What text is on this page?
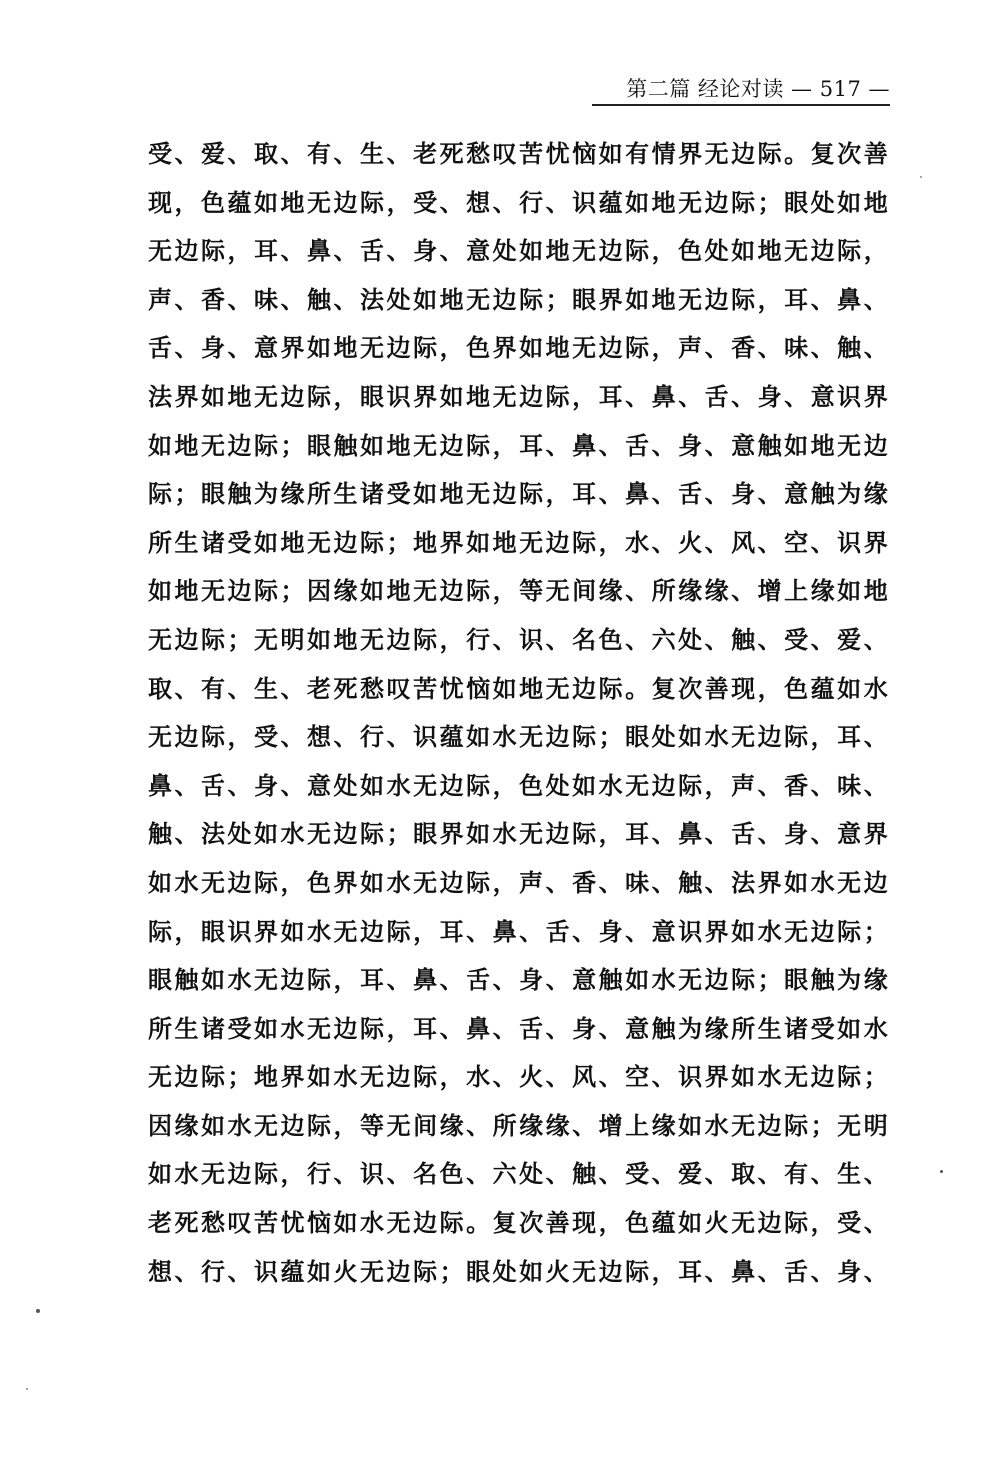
第二篇 经论对读 — 517 —
受、爱、取、有、生、老死愁叹苦忧恼如有情界无边际。复次善
现，色蕴如地无边际，受、想、行、识蕴如地无边际；眼处如地
无边际，耳、鼻、舌、身、意处如地无边际，色处如地无边际，
声、香、味、触、法处如地无边际；眼界如地无边际，耳、鼻、
舌、身、意界如地无边际，色界如地无边际，声、香、味、触、
法界如地无边际，眼识界如地无边际，耳、鼻、舌、身、意识界
如地无边际；眼触如地无边际，耳、鼻、舌、身、意触如地无边
际；眼触为缘所生诸受如地无边际，耳、鼻、舌、身、意触为缘
所生诸受如地无边际；地界如地无边际，水、火、风、空、识界
如地无边际；因缘如地无边际，等无间缘、所缘缘、增上缘如地
无边际；无明如地无边际，行、识、名色、六处、触、受、爱、
取、有、生、老死愁叹苦忧恼如地无边际。复次善现，色蕴如水
无边际，受、想、行、识蕴如水无边际；眼处如水无边际，耳、
鼻、舌、身、意处如水无边际，色处如水无边际，声、香、味、
触、法处如水无边际；眼界如水无边际，耳、鼻、舌、身、意界
如水无边际，色界如水无边际，声、香、味、触、法界如水无边
际，眼识界如水无边际，耳、鼻、舌、身、意识界如水无边际；
眼触如水无边际，耳、鼻、舌、身、意触如水无边际；眼触为缘
所生诸受如水无边际，耳、鼻、舌、身、意触为缘所生诸受如水
无边际；地界如水无边际，水、火、风、空、识界如水无边际；
因缘如水无边际，等无间缘、所缘缘、增上缘如水无边际；无明
如水无边际，行、识、名色、六处、触、受、爱、取、有、生、
老死愁叹苦忧恼如水无边际。复次善现，色蕴如火无边际，受、
想、行、识蕴如火无边际；眼处如火无边际，耳、鼻、舌、身、
